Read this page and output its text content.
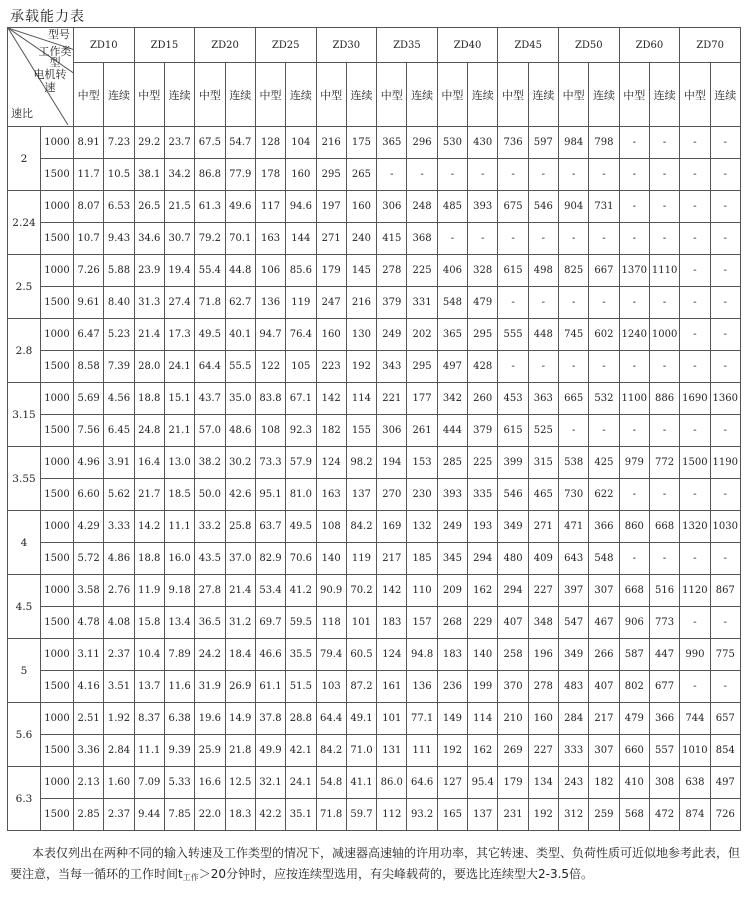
承载能力表
型号
工作类型
电机转速
速比		ZD10		ZD15		ZD20		ZD25		ZD30		ZD35		ZD40		ZD45		ZD50		ZD60		ZD70	
		中型	连续	中型	连续	中型	连续	中型	连续	中型	连续	中型	连续	中型	连续	中型	连续	中型	连续	中型	连续	中型	连续
2	1000	8.91	7.23	29.2	23.7	67.5	54.7	128	104	216	175	365	296	530	430	736	597	984	798	-	-	-	-
	1500	11.7	10.5	38.1	34.2	86.8	77.9	178	160	295	265	-	-	-	-	-	-	-	-	-	-	-	-
2.24	1000	8.07	6.53	26.5	21.5	61.3	49.6	117	94.6	197	160	306	248	485	393	675	546	904	731	-	-	-	-
	1500	10.7	9.43	34.6	30.7	79.2	70.1	163	144	271	240	415	368	-	-	-	-	-	-	-	-	-	-
2.5	1000	7.26	5.88	23.9	19.4	55.4	44.8	106	85.6	179	145	278	225	406	328	615	498	825	667	1370	1110	-	-
	1500	9.61	8.40	31.3	27.4	71.8	62.7	136	119	247	216	379	331	548	479	-	-	-	-	-	-	-	-
2.8	1000	6.47	5.23	21.4	17.3	49.5	40.1	94.7	76.4	160	130	249	202	365	295	555	448	745	602	1240	1000	-	-
	1500	8.58	7.39	28.0	24.1	64.4	55.5	122	105	223	192	343	295	497	428	-	-	-	-	-	-	-	-
3.15	1000	5.69	4.56	18.8	15.1	43.7	35.0	83.8	67.1	142	114	221	177	342	260	453	363	665	532	1100	886	1690	1360
	1500	7.56	6.45	24.8	21.1	57.0	48.6	108	92.3	182	155	306	261	444	379	615	525	-	-	-	-	-	-
3.55	1000	4.96	3.91	16.4	13.0	38.2	30.2	73.3	57.9	124	98.2	194	153	285	225	399	315	538	425	979	772	1500	1190
	1500	6.60	5.62	21.7	18.5	50.0	42.6	95.1	81.0	163	137	270	230	393	335	546	465	730	622	-	-	-	-
4	1000	4.29	3.33	14.2	11.1	33.2	25.8	63.7	49.5	108	84.2	169	132	249	193	349	271	471	366	860	668	1320	1030
	1500	5.72	4.86	18.8	16.0	43.5	37.0	82.9	70.6	140	119	217	185	345	294	480	409	643	548	-	-	-	-
4.5	1000	3.58	2.76	11.9	9.18	27.8	21.4	53.4	41.2	90.9	70.2	142	110	209	162	294	227	397	307	668	516	1120	867
	1500	4.78	4.08	15.8	13.4	36.5	31.2	69.7	59.5	118	101	183	157	268	229	407	348	547	467	906	773	-	-
5	1000	3.11	2.37	10.4	7.89	24.2	18.4	46.6	35.5	79.4	60.5	124	94.8	183	140	258	196	349	266	587	447	990	775
	1500	4.16	3.51	13.7	11.6	31.9	26.9	61.1	51.5	103	87.2	161	136	236	199	370	278	483	407	802	677	-	-
5.6	1000	2.51	1.92	8.37	6.38	19.6	14.9	37.8	28.8	64.4	49.1	101	77.1	149	114	210	160	284	217	479	366	744	657
	1500	3.36	2.84	11.1	9.39	25.9	21.8	49.9	42.1	84.2	71.0	131	111	192	162	269	227	333	307	660	557	1010	854
6.3	1000	2.13	1.60	7.09	5.33	16.6	12.5	32.1	24.1	54.8	41.1	86.0	64.6	127	95.4	179	134	243	182	410	308	638	497
	1500	2.85	2.37	9.44	7.85	22.0	18.3	42.2	35.1	71.8	59.7	112	93.2	165	137	231	192	312	259	568	472	874	726

本表仅列出在两种不同的输入转速及工作类型的情况下，减速器高速轴的许用功率，其它转速、类型、负荷性质可近似地参考此表，但要注意，当每一循环的工作时间$t_{工作}>20$分钟时，应按连续型选用，有尖峰载荷的，要选比连续型大2-3.5倍。
